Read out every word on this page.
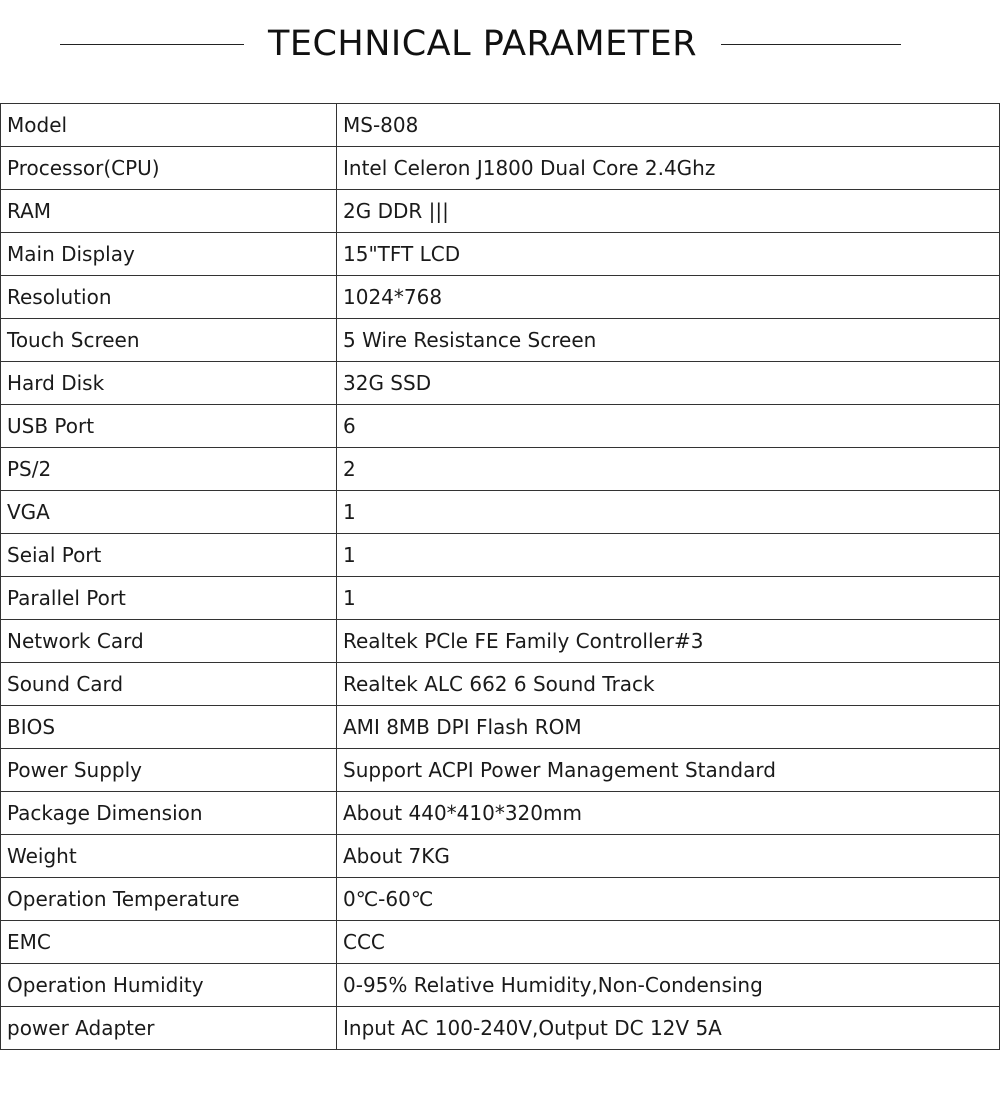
TECHNICAL PARAMETER
Model	MS-808
Processor(CPU)	Intel Celeron J1800 Dual Core 2.4Ghz
RAM	2G DDR |||
Main Display	15"TFT LCD
Resolution	1024*768
Touch Screen	5 Wire Resistance Screen
Hard Disk	32G SSD
USB Port	6
PS/2	2
VGA	1
Seial Port	1
Parallel Port	1
Network Card	Realtek PCle FE Family Controller#3
Sound Card	Realtek ALC 662 6 Sound Track
BIOS	AMI 8MB DPI Flash ROM
Power Supply	Support ACPI Power Management Standard
Package Dimension	About 440*410*320mm
Weight	About 7KG
Operation Temperature	0℃-60℃
EMC	CCC
Operation Humidity	0-95% Relative Humidity,Non-Condensing
power Adapter	Input AC 100-240V,Output DC 12V 5A
